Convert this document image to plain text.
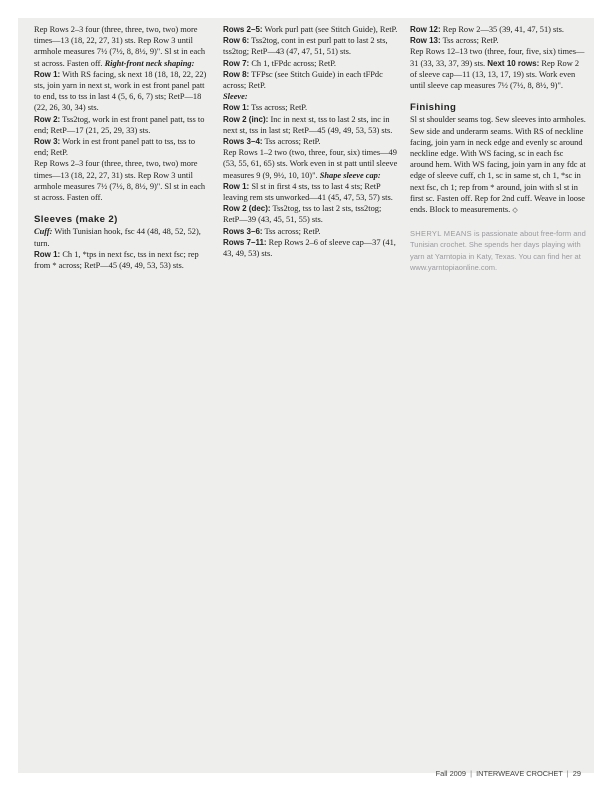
Rep Rows 2–3 four (three, three, two, two) more times—13 (18, 22, 27, 31) sts. Rep Row 3 until armhole measures 7½ (7½, 8, 8½, 9)". Sl st in each st across. Fasten off. Right-front neck shaping:

Row 1: With RS facing, sk next 18 (18, 18, 22, 22) sts, join yarn in next st, work in est front panel patt to end, tss to tss in last 4 (5, 6, 6, 7) sts; RetP—18 (22, 26, 30, 34) sts.

Row 2: Tss2tog, work in est front panel patt, tss to end; RetP—17 (21, 25, 29, 33) sts.

Row 3: Work in est front panel patt to tss, tss to end; RetP.

Rep Rows 2–3 four (three, three, two, two) more times—13 (18, 22, 27, 31) sts. Rep Row 3 until armhole measures 7½ (7½, 8, 8½, 9)". Sl st in each st across. Fasten off.

Sleeves (make 2)

Cuff: With Tunisian hook, fsc 44 (48, 48, 52, 52), turn.

Row 1: Ch 1, *tps in next fsc, tss in next fsc; rep from * across; RetP—45 (49, 49, 53, 53) sts.

Rows 2–5: Work purl patt (see Stitch Guide), RetP.

Row 6: Tss2tog, cont in est purl patt to last 2 sts, tss2tog; RetP—43 (47, 47, 51, 51) sts.

Row 7: Ch 1, tFPdc across; RetP.

Row 8: TFPsc (see Stitch Guide) in each tFPdc across; RetP.

Sleeve:

Row 1: Tss across; RetP.

Row 2 (inc): Inc in next st, tss to last 2 sts, inc in next st, tss in last st; RetP—45 (49, 49, 53, 53) sts.

Rows 3–4: Tss across; RetP.

Rep Rows 1–2 two (two, three, four, six) times—49 (53, 55, 61, 65) sts. Work even in st patt until sleeve measures 9 (9, 9½, 10, 10)". Shape sleeve cap:

Row 1: Sl st in first 4 sts, tss to last 4 sts; RetP leaving rem sts unworked—41 (45, 47, 53, 57) sts.

Row 2 (dec): Tss2tog, tss to last 2 sts, tss2tog; RetP—39 (43, 45, 51, 55) sts.

Rows 3–6: Tss across; RetP.

Rows 7–11: Rep Rows 2–6 of sleeve cap—37 (41, 43, 49, 53) sts.

Row 12: Rep Row 2—35 (39, 41, 47, 51) sts.

Row 13: Tss across; RetP.

Rep Rows 12–13 two (three, four, five, six) times—31 (33, 33, 37, 39) sts. Next 10 rows: Rep Row 2 of sleeve cap—11 (13, 13, 17, 19) sts. Work even until sleeve cap measures 7½ (7½, 8, 8½, 9)".

Finishing

Sl st shoulder seams tog. Sew sleeves into armholes. Sew side and underarm seams. With RS of neckline facing, join yarn in neck edge and evenly sc around neckline edge. With WS facing, sc in each fsc around hem. With WS facing, join yarn in any fdc at edge of sleeve cuff, ch 1, sc in same st, ch 1, *sc in next fsc, ch 1; rep from * around, join with sl st in first sc. Fasten off. Rep for 2nd cuff. Weave in loose ends. Block to measurements. ◇

SHERYL MEANS is passionate about free-form and Tunisian crochet. She spends her days playing with yarn at Yarntopia in Katy, Texas. You can find her at www.yarntopiaonline.com.

Fall 2009 | INTERWEAVE CROCHET | 29
